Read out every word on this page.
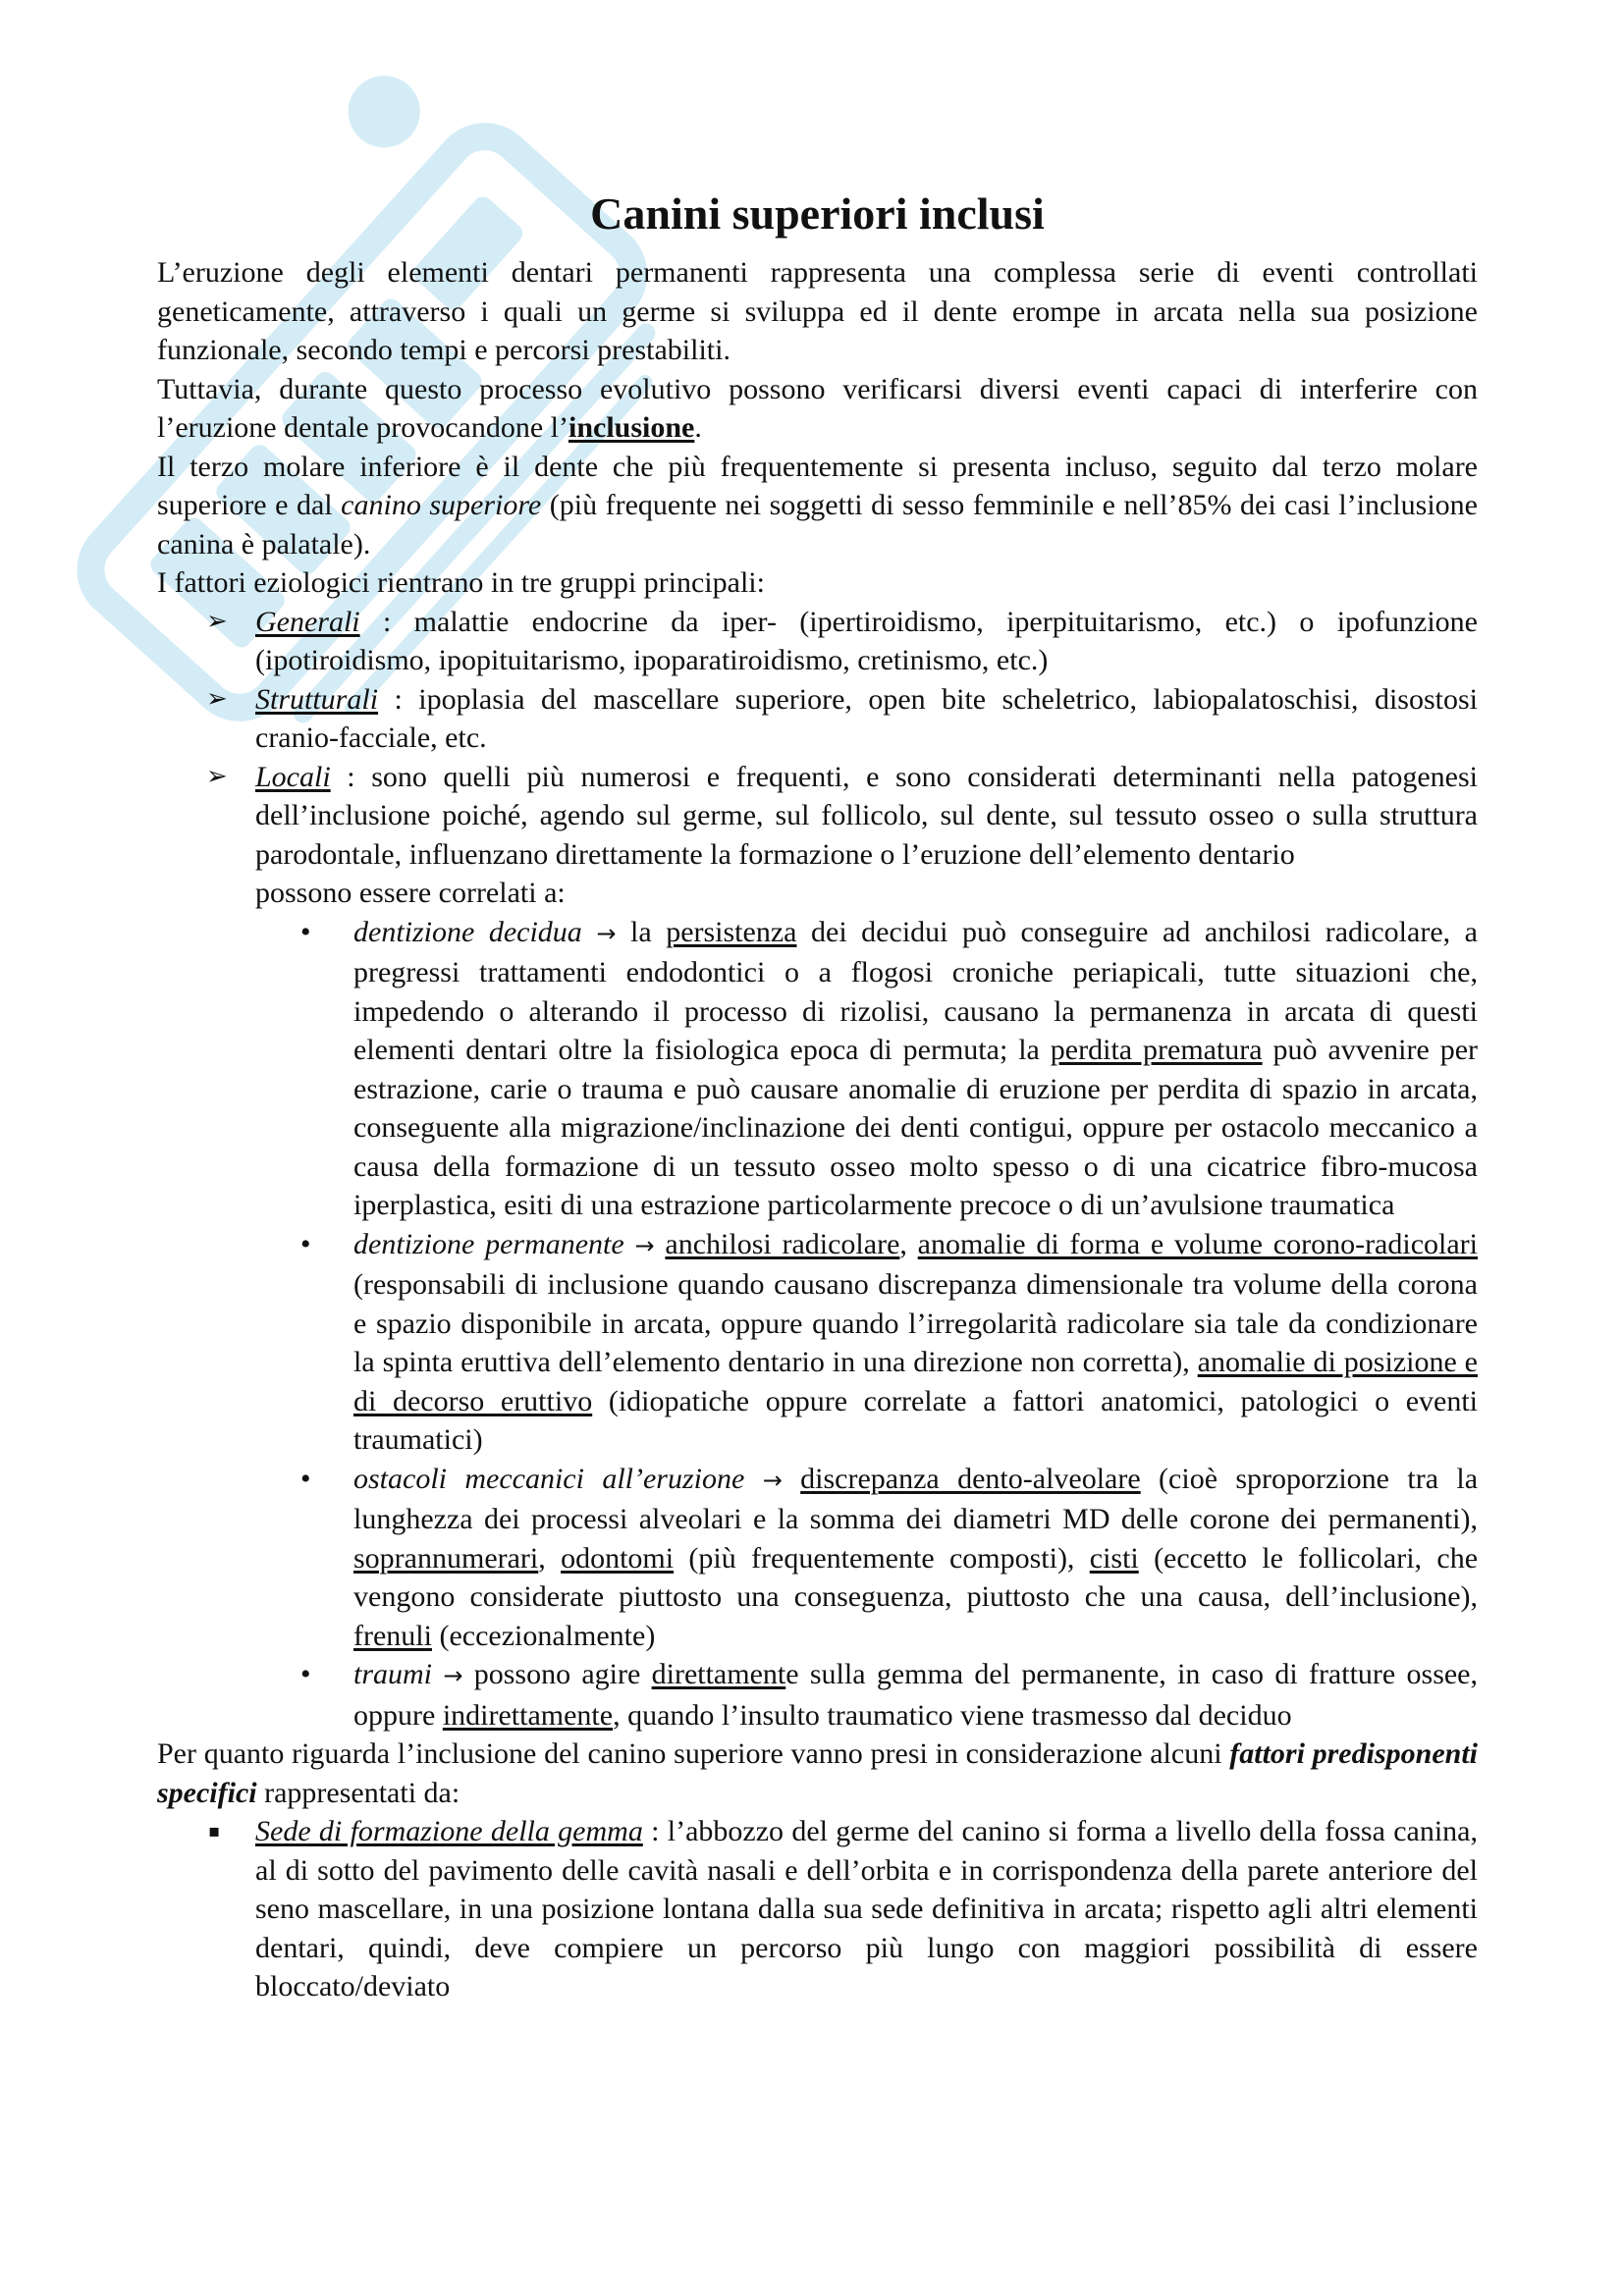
Canini superiori inclusi

L’eruzione degli elementi dentari permanenti rappresenta una complessa serie di eventi controllati geneticamente, attraverso i quali un germe si sviluppa ed il dente erompe in arcata nella sua posizione funzionale, secondo tempi e percorsi prestabiliti.

Tuttavia, durante questo processo evolutivo possono verificarsi diversi eventi capaci di interferire con l’eruzione dentale provocandone l’inclusione.

Il terzo molare inferiore è il dente che più frequentemente si presenta incluso, seguito dal terzo molare superiore e dal canino superiore (più frequente nei soggetti di sesso femminile e nell’85% dei casi l’inclusione canina è palatale).

I fattori eziologici rientrano in tre gruppi principali:

➢ Generali : malattie endocrine da iper- (ipertiroidismo, iperpituitarismo, etc.) o ipofunzione (ipotiroidismo, ipopituitarismo, ipoparatiroidismo, cretinismo, etc.)
➢ Strutturali : ipoplasia del mascellare superiore, open bite scheletrico, labiopalatoschisi, disostosi cranio-facciale, etc.
➢ Locali : sono quelli più numerosi e frequenti, e sono considerati determinanti nella patogenesi dell’inclusione poiché, agendo sul germe, sul follicolo, sul dente, sul tessuto osseo o sulla struttura parodontale, influenzano direttamente la formazione o l’eruzione dell’elemento dentario
possono essere correlati a:
• dentizione decidua → la persistenza dei decidui può conseguire ad anchilosi radicolare, a pregressi trattamenti endodontici o a flogosi croniche periapicali, tutte situazioni che, impedendo o alterando il processo di rizolisi, causano la permanenza in arcata di questi elementi dentari oltre la fisiologica epoca di permuta; la perdita prematura può avvenire per estrazione, carie o trauma e può causare anomalie di eruzione per perdita di spazio in arcata, conseguente alla migrazione/inclinazione dei denti contigui, oppure per ostacolo meccanico a causa della formazione di un tessuto osseo molto spesso o di una cicatrice fibro-mucosa iperplastica, esiti di una estrazione particolarmente precoce o di un’avulsione traumatica
• dentizione permanente → anchilosi radicolare, anomalie di forma e volume corono-radicolari (responsabili di inclusione quando causano discrepanza dimensionale tra volume della corona e spazio disponibile in arcata, oppure quando l’irregolarità radicolare sia tale da condizionare la spinta eruttiva dell’elemento dentario in una direzione non corretta), anomalie di posizione e di decorso eruttivo (idiopatiche oppure correlate a fattori anatomici, patologici o eventi traumatici)
• ostacoli meccanici all’eruzione → discrepanza dento-alveolare (cioè sproporzione tra la lunghezza dei processi alveolari e la somma dei diametri MD delle corone dei permanenti), soprannumerari, odontomi (più frequentemente composti), cisti (eccetto le follicolari, che vengono considerate piuttosto una conseguenza, piuttosto che una causa, dell’inclusione), frenuli (eccezionalmente)
• traumi → possono agire direttamente sulla gemma del permanente, in caso di fratture ossee, oppure indirettamente, quando l’insulto traumatico viene trasmesso dal deciduo

Per quanto riguarda l’inclusione del canino superiore vanno presi in considerazione alcuni fattori predisponenti specifici rappresentati da:

▪ Sede di formazione della gemma : l’abbozzo del germe del canino si forma a livello della fossa canina, al di sotto del pavimento delle cavità nasali e dell’orbita e in corrispondenza della parete anteriore del seno mascellare, in una posizione lontana dalla sua sede definitiva in arcata; rispetto agli altri elementi dentari, quindi, deve compiere un percorso più lungo con maggiori possibilità di essere bloccato/deviato
